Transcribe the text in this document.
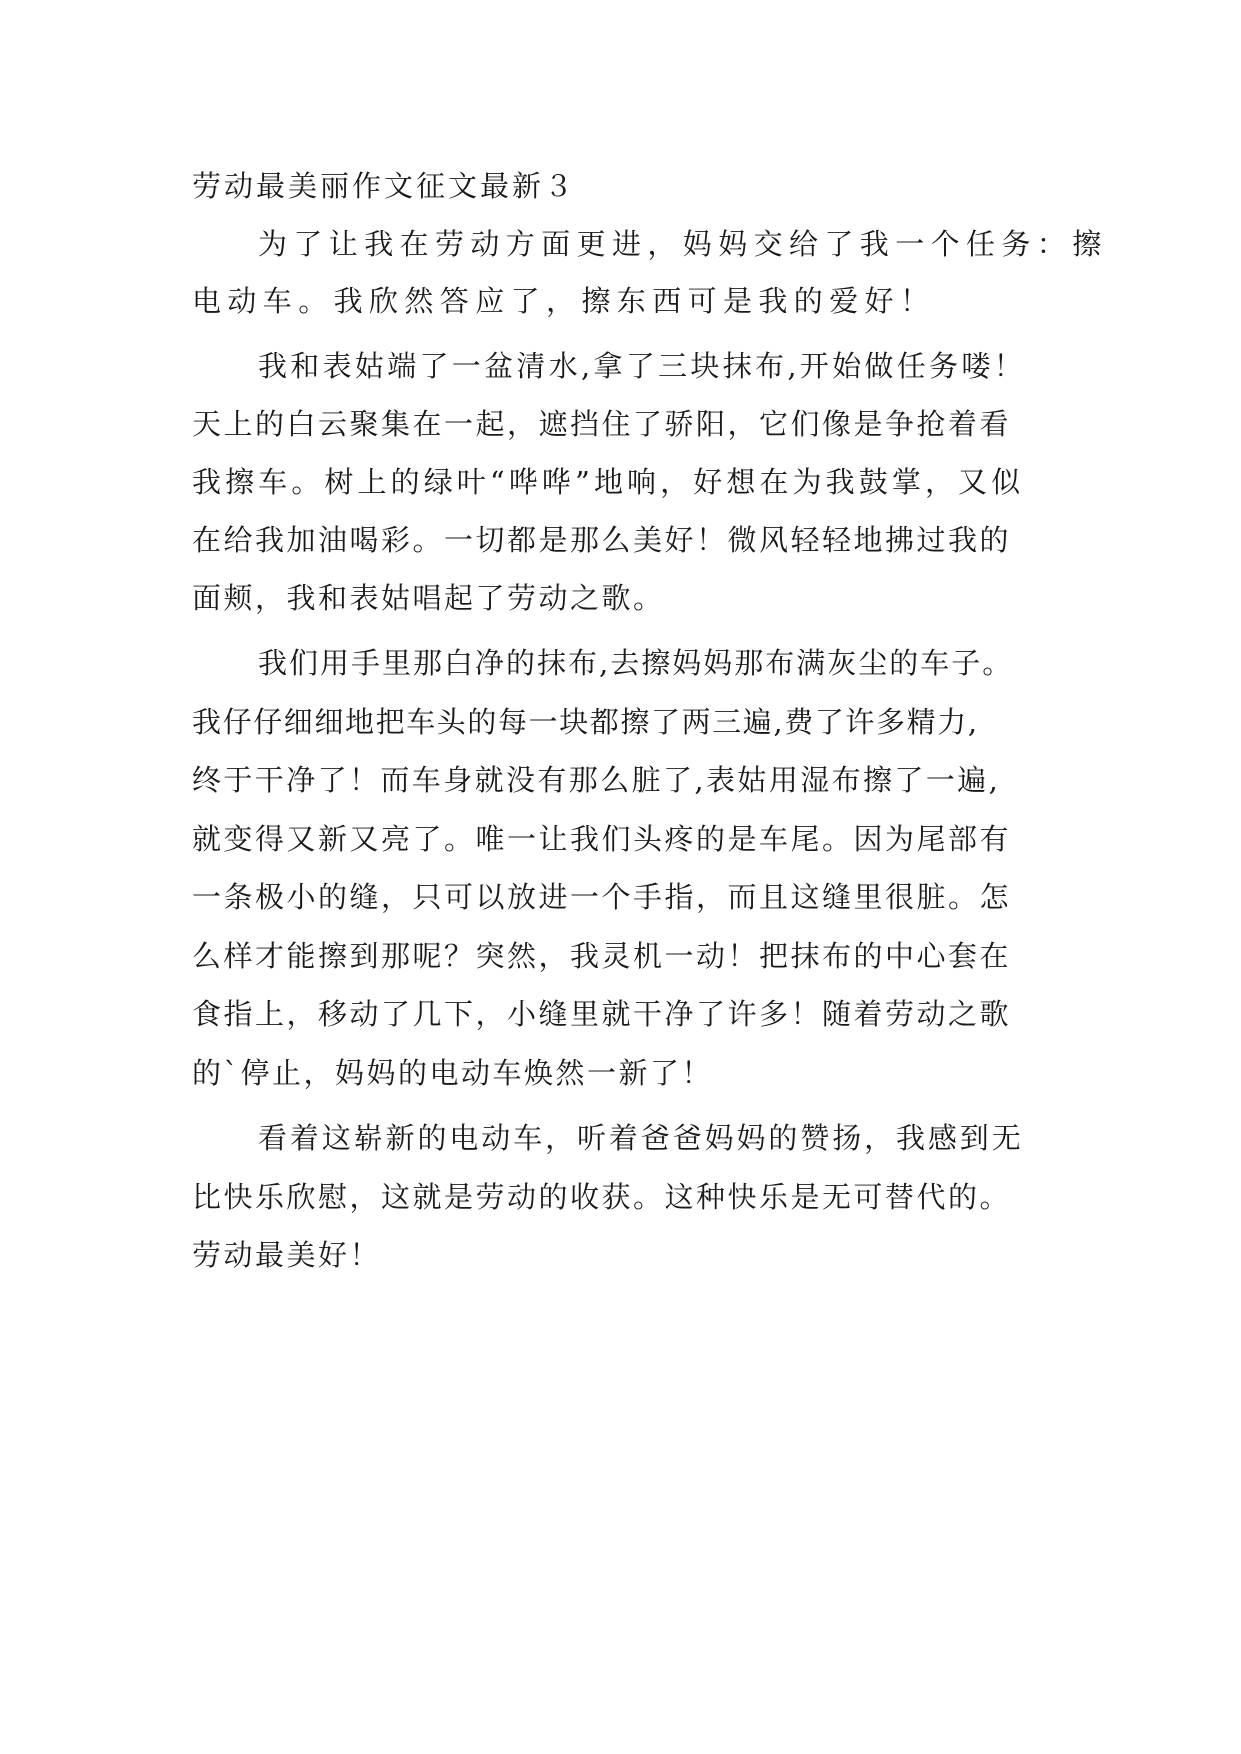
劳动最美丽作文征文最新３
为了让我在劳动方面更进，妈妈交给了我一个任务：擦
电动车。我欣然答应了，擦东西可是我的爱好！
我和表姑端了一盆清水,拿了三块抹布,开始做任务喽！
天上的白云聚集在一起，遮挡住了骄阳，它们像是争抢着看
我擦车。树上的绿叶“哗哗”地响，好想在为我鼓掌，又似
在给我加油喝彩。一切都是那么美好！微风轻轻地拂过我的
面颊，我和表姑唱起了劳动之歌。
我们用手里那白净的抹布,去擦妈妈那布满灰尘的车子。
我仔仔细细地把车头的每一块都擦了两三遍,费了许多精力,
终于干净了！而车身就没有那么脏了,表姑用湿布擦了一遍,
就变得又新又亮了。唯一让我们头疼的是车尾。因为尾部有
一条极小的缝，只可以放进一个手指，而且这缝里很脏。怎
么样才能擦到那呢？突然，我灵机一动！把抹布的中心套在
食指上，移动了几下，小缝里就干净了许多！随着劳动之歌
的`停止，妈妈的电动车焕然一新了！
看着这崭新的电动车，听着爸爸妈妈的赞扬，我感到无
比快乐欣慰，这就是劳动的收获。这种快乐是无可替代的。
劳动最美好！
